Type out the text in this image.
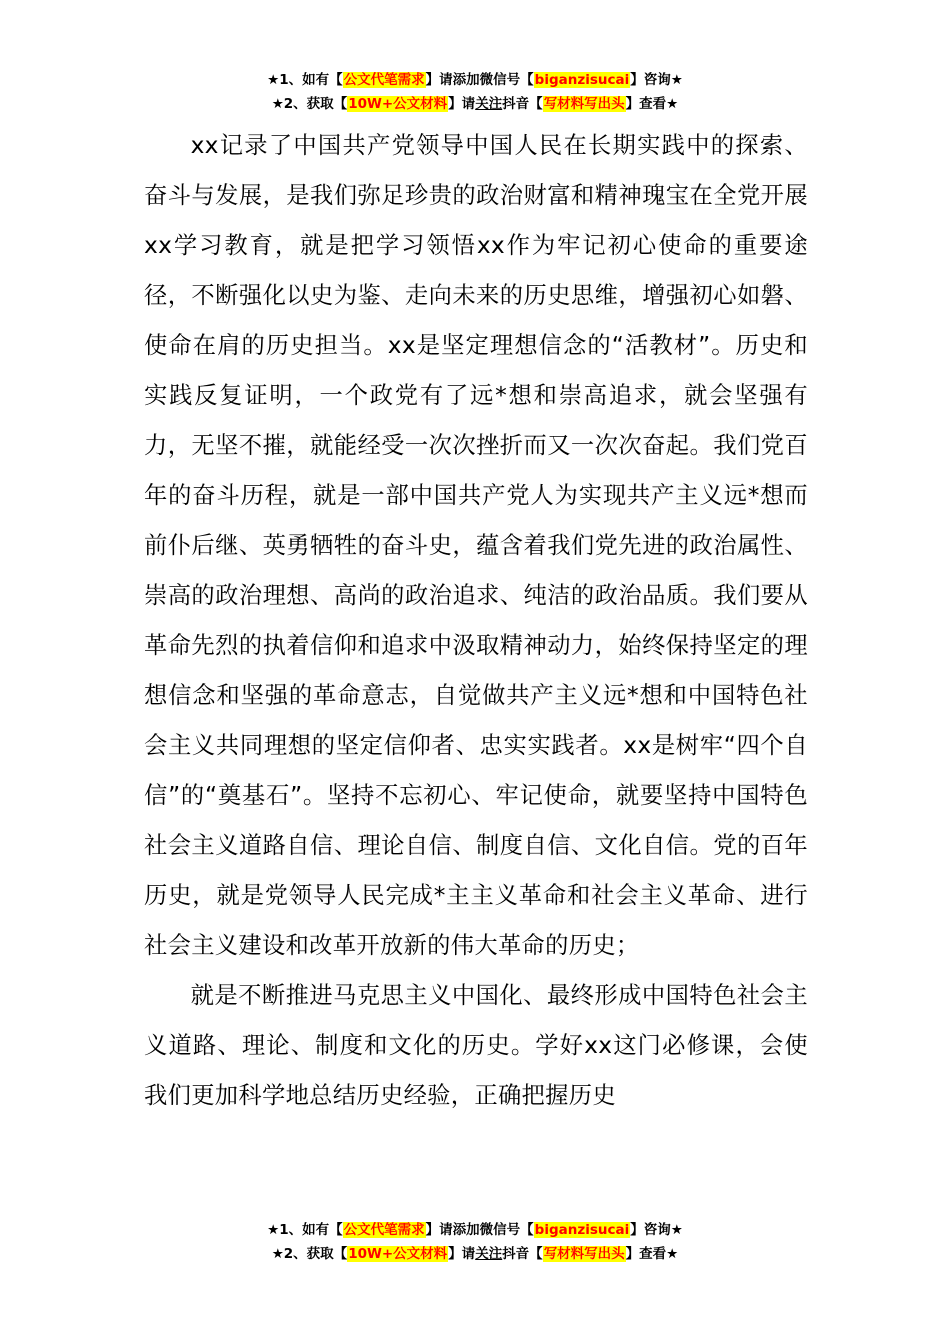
★1、如有【公文代笔需求】请添加微信号【biganzisucai】咨询★
★2、获取【10W+公文材料】请关注抖音【写材料写出头】查看★

xx记录了中国共产党领导中国人民在长期实践中的探索、奋斗与发展，是我们弥足珍贵的政治财富和精神瑰宝在全党开展xx学习教育，就是把学习领悟xx作为牢记初心使命的重要途径，不断强化以史为鉴、走向未来的历史思维，增强初心如磐、使命在肩的历史担当。xx是坚定理想信念的“活教材”。历史和实践反复证明，一个政党有了远*想和崇高追求，就会坚强有力，无坚不摧，就能经受一次次挫折而又一次次奋起。我们党百年的奋斗历程，就是一部中国共产党人为实现共产主义远*想而前仆后继、英勇牺牲的奋斗史，蕴含着我们党先进的政治属性、崇高的政治理想、高尚的政治追求、纯洁的政治品质。我们要从革命先烈的执着信仰和追求中汲取精神动力，始终保持坚定的理想信念和坚强的革命意志，自觉做共产主义远*想和中国特色社会主义共同理想的坚定信仰者、忠实实践者。xx是树牢“四个自信”的“奠基石”。坚持不忘初心、牢记使命，就要坚持中国特色社会主义道路自信、理论自信、制度自信、文化自信。党的百年历史，就是党领导人民完成*主主义革命和社会主义革命、进行社会主义建设和改革开放新的伟大革命的历史；

就是不断推进马克思主义中国化、最终形成中国特色社会主义道路、理论、制度和文化的历史。学好xx这门必修课，会使我们更加科学地总结历史经验，正确把握历史

★1、如有【公文代笔需求】请添加微信号【biganzisucai】咨询★
★2、获取【10W+公文材料】请关注抖音【写材料写出头】查看★
